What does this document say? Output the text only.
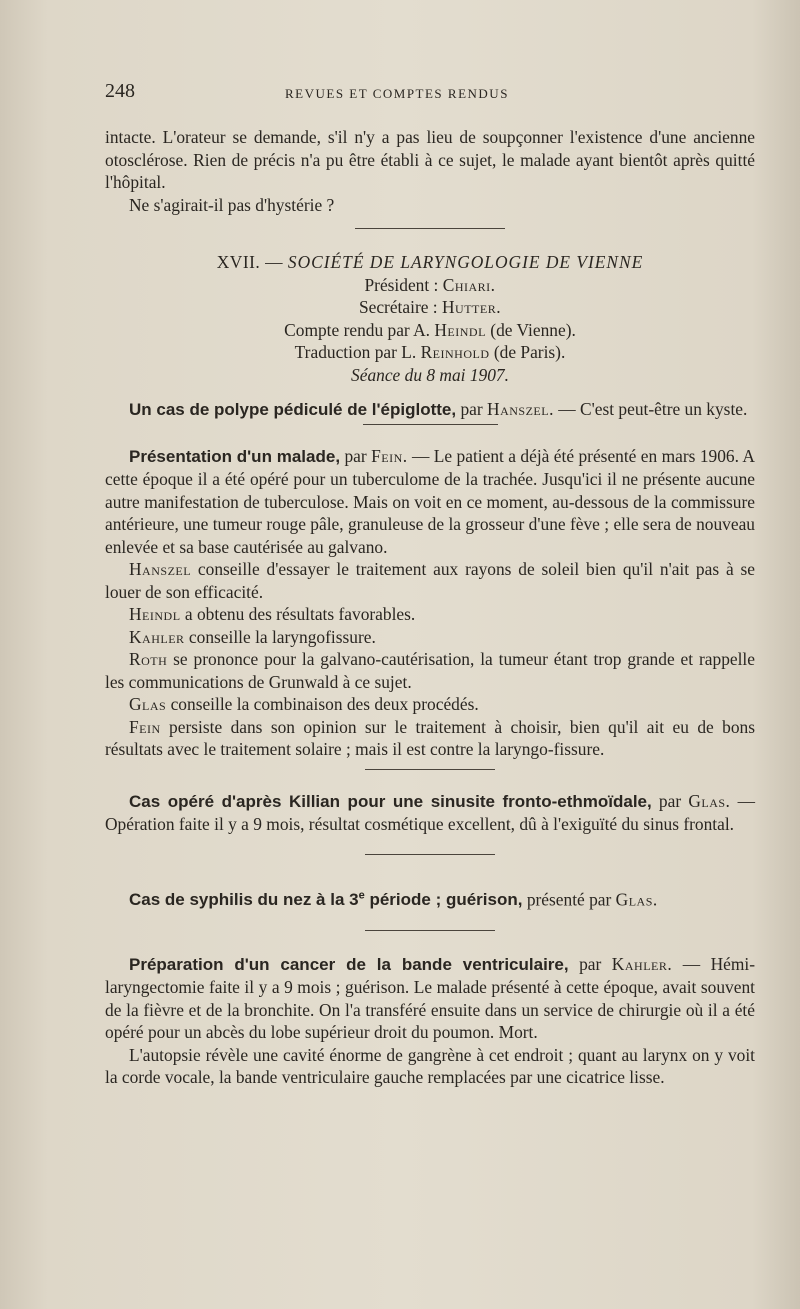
248	REVUES ET COMPTES RENDUS

intacte. L'orateur se demande, s'il n'y a pas lieu de soupçonner l'existence d'une ancienne otosclérose. Rien de précis n'a pu être établi à ce sujet, le malade ayant bientôt après quitté l'hôpital.

Ne s'agirait-il pas d'hystérie ?

XVII. — SOCIÉTÉ DE LARYNGOLOGIE DE VIENNE

Président : Chiari.

Secrétaire : Hutter.

Compte rendu par A. Heindl (de Vienne).

Traduction par L. Reinhold (de Paris).

Séance du 8 mai 1907.

Un cas de polype pédiculé de l'épiglotte, par Hanszel. — C'est peut-être un kyste.

Présentation d'un malade, par Fein. — Le patient a déjà été présenté en mars 1906. A cette époque il a été opéré pour un tuberculome de la trachée. Jusqu'ici il ne présente aucune autre manifestation de tuberculose. Mais on voit en ce moment, au-dessous de la commissure antérieure, une tumeur rouge pâle, granuleuse de la grosseur d'une fève ; elle sera de nouveau enlevée et sa base cautérisée au galvano.

Hanszel conseille d'essayer le traitement aux rayons de soleil bien qu'il n'ait pas à se louer de son efficacité.

Heindl a obtenu des résultats favorables.

Kahler conseille la laryngofissure.

Roth se prononce pour la galvano-cautérisation, la tumeur étant trop grande et rappelle les communications de Grunwald à ce sujet.

Glas conseille la combinaison des deux procédés.

Fein persiste dans son opinion sur le traitement à choisir, bien qu'il ait eu de bons résultats avec le traitement solaire ; mais il est contre la laryngo-fissure.

Cas opéré d'après Killian pour une sinusite fronto-ethmoïdale, par Glas. — Opération faite il y a 9 mois, résultat cosmétique excellent, dû à l'exiguïté du sinus frontal.

Cas de syphilis du nez à la 3e période ; guérison, présenté par Glas.

Préparation d'un cancer de la bande ventriculaire, par Kahler. — Hémi-laryngectomie faite il y a 9 mois ; guérison. Le malade présenté à cette époque, avait souvent de la fièvre et de la bronchite. On l'a transféré ensuite dans un service de chirurgie où il a été opéré pour un abcès du lobe supérieur droit du poumon. Mort.

L'autopsie révèle une cavité énorme de gangrène à cet endroit ; quant au larynx on y voit la corde vocale, la bande ventriculaire gauche remplacées par une cicatrice lisse.
